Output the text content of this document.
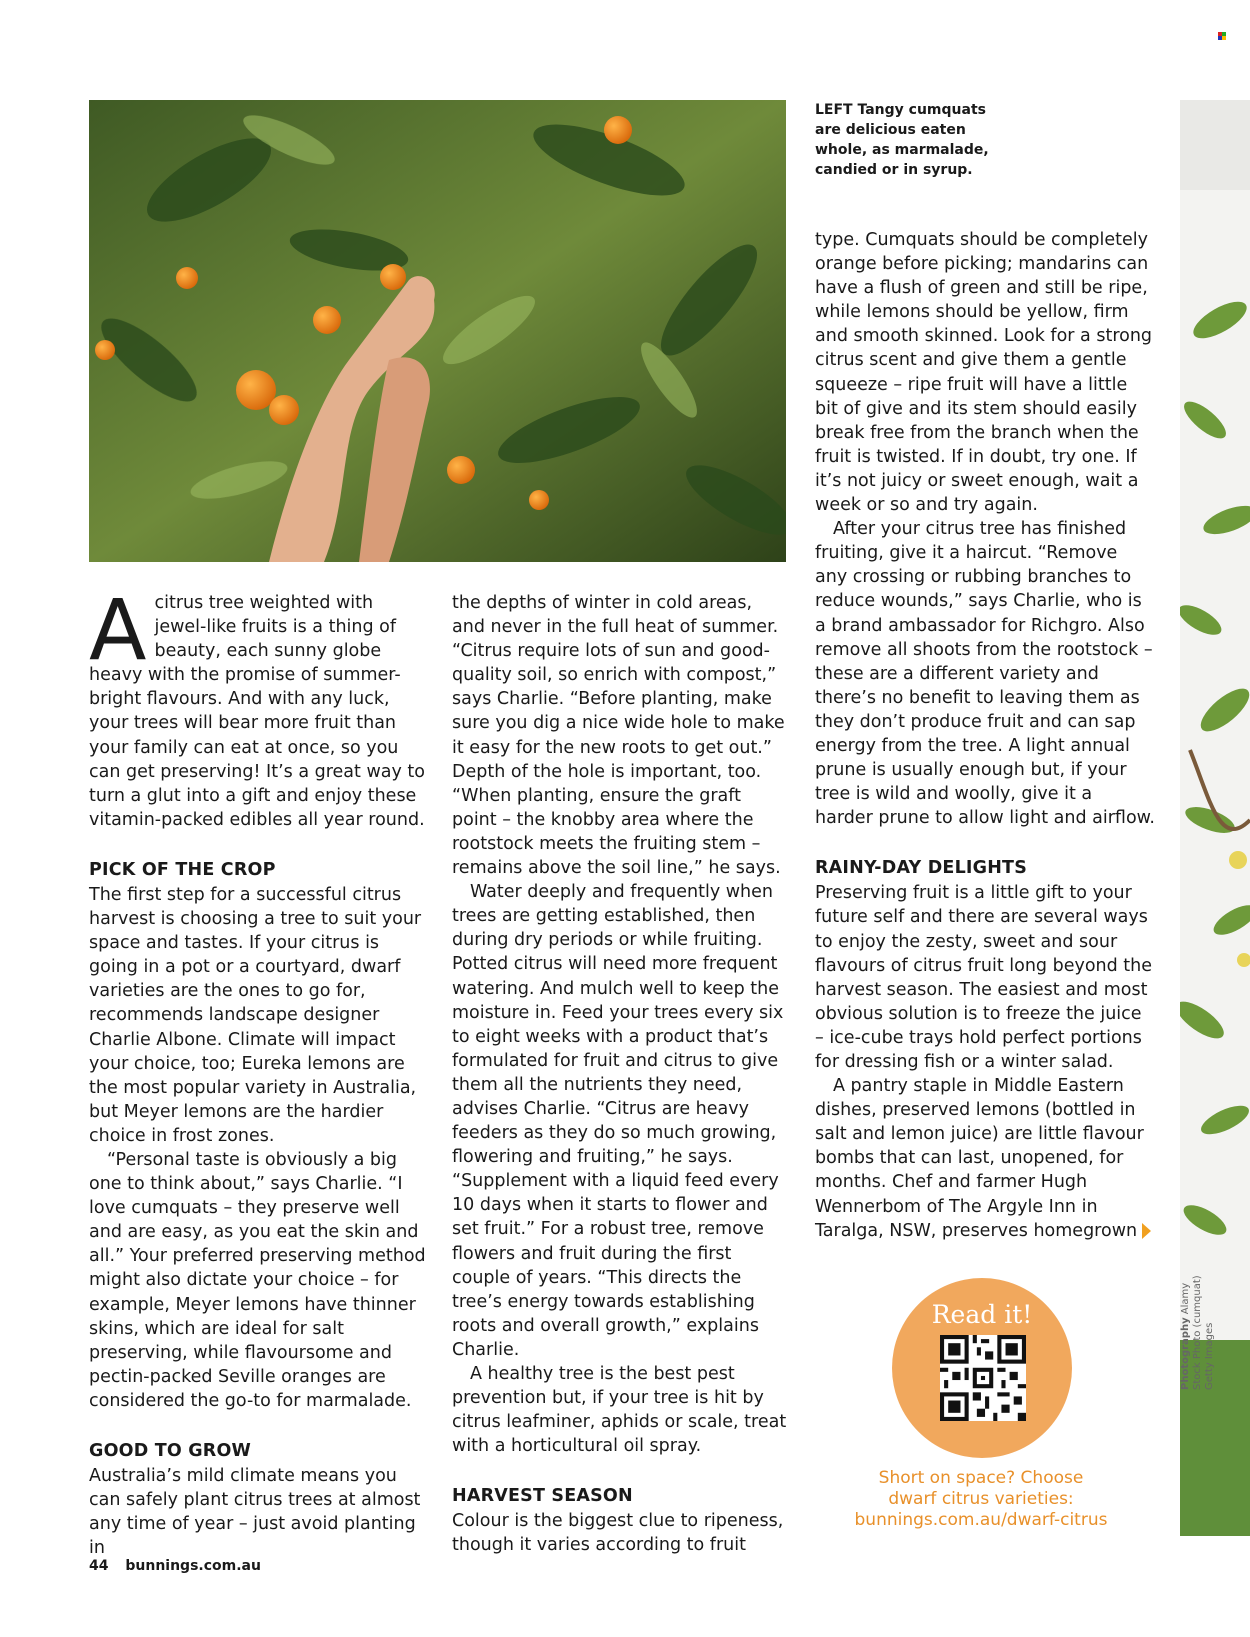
LEFT Tangy cumquats are delicious eaten whole, as marmalade, candied or in syrup.

Acitrus tree weighted with jewel-like fruits is a thing of beauty, each sunny globe heavy with the promise of summer-bright flavours. And with any luck, your trees will bear more fruit than your family can eat at once, so you can get preserving! It’s a great way to turn a glut into a gift and enjoy these vitamin-packed edibles all year round.

PICK OF THE CROP

The first step for a successful citrus harvest is choosing a tree to suit your space and tastes. If your citrus is going in a pot or a courtyard, dwarf varieties are the ones to go for, recommends landscape designer Charlie Albone. Climate will impact your choice, too; Eureka lemons are the most popular variety in Australia, but Meyer lemons are the hardier choice in frost zones.

“Personal taste is obviously a big one to think about,” says Charlie. “I love cumquats – they preserve well and are easy, as you eat the skin and all.” Your preferred preserving method might also dictate your choice – for example, Meyer lemons have thinner skins, which are ideal for salt preserving, while flavoursome and pectin-packed Seville oranges are considered the go-to for marmalade.

GOOD TO GROW

Australia’s mild climate means you can safely plant citrus trees at almost any time of year – just avoid planting in

the depths of winter in cold areas, and never in the full heat of summer. “Citrus require lots of sun and good-quality soil, so enrich with compost,” says Charlie. “Before planting, make sure you dig a nice wide hole to make it easy for the new roots to get out.” Depth of the hole is important, too. “When planting, ensure the graft point – the knobby area where the rootstock meets the fruiting stem – remains above the soil line,” he says.

Water deeply and frequently when trees are getting established, then during dry periods or while fruiting. Potted citrus will need more frequent watering. And mulch well to keep the moisture in. Feed your trees every six to eight weeks with a product that’s formulated for fruit and citrus to give them all the nutrients they need, advises Charlie. “Citrus are heavy feeders as they do so much growing, flowering and fruiting,” he says. “Supplement with a liquid feed every 10 days when it starts to flower and set fruit.” For a robust tree, remove flowers and fruit during the first couple of years. “This directs the tree’s energy towards establishing roots and overall growth,” explains Charlie.

A healthy tree is the best pest prevention but, if your tree is hit by citrus leafminer, aphids or scale, treat with a horticultural oil spray.

HARVEST SEASON

Colour is the biggest clue to ripeness, though it varies according to fruit

type. Cumquats should be completely orange before picking; mandarins can have a flush of green and still be ripe, while lemons should be yellow, firm and smooth skinned. Look for a strong citrus scent and give them a gentle squeeze – ripe fruit will have a little bit of give and its stem should easily break free from the branch when the fruit is twisted. If in doubt, try one. If it’s not juicy or sweet enough, wait a week or so and try again.

After your citrus tree has finished fruiting, give it a haircut. “Remove any crossing or rubbing branches to reduce wounds,” says Charlie, who is a brand ambassador for Richgro. Also remove all shoots from the rootstock – these are a different variety and there’s no benefit to leaving them as they don’t produce fruit and can sap energy from the tree. A light annual prune is usually enough but, if your tree is wild and woolly, give it a harder prune to allow light and airflow.

RAINY-DAY DELIGHTS

Preserving fruit is a little gift to your future self and there are several ways to enjoy the zesty, sweet and sour flavours of citrus fruit long beyond the harvest season. The easiest and most obvious solution is to freeze the juice – ice-cube trays hold perfect portions for dressing fish or a winter salad.

A pantry staple in Middle Eastern dishes, preserved lemons (bottled in salt and lemon juice) are little flavour bombs that can last, unopened, for months. Chef and farmer Hugh Wennerbom of The Argyle Inn in Taralga, NSW, preserves homegrown

Read it!
Short on space? Choose
dwarf citrus varieties:
bunnings.com.au/dwarf-citrus
Photography Alamy Stock Photo (cumquat) Getty Images
44 bunnings.com.au
